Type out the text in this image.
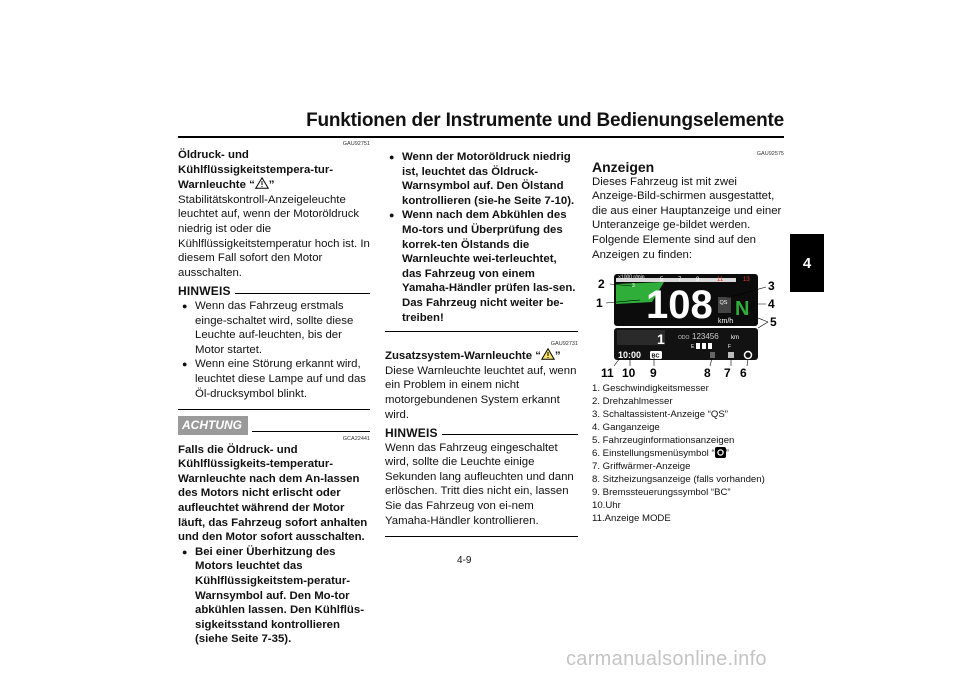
Funktionen der Instrumente und Bedienungselemente
4
GAU92751

Öldruck- und Kühlflüssigkeitstempera-tur-Warnleuchte “ ”

Stabilitätskontroll-Anzeigeleuchte leuchtet auf, wenn der Motoröldruck niedrig ist oder die Kühlflüssigkeitstemperatur hoch ist. In diesem Fall sofort den Motor ausschalten.

HINWEIS
● Wenn das Fahrzeug erstmals einge-schaltet wird, sollte diese Leuchte auf-leuchten, bis der Motor startet.
● Wenn eine Störung erkannt wird, leuchtet diese Lampe auf und das Öl-drucksymbol blinkt.
ACHTUNG
GCA22441

Falls die Öldruck- und Kühlflüssigkeits-temperatur-Warnleuchte nach dem An-lassen des Motors nicht erlischt oder aufleuchtet während der Motor läuft, das Fahrzeug sofort anhalten und den Motor sofort ausschalten.

● Bei einer Überhitzung des Motors leuchtet das Kühlflüssigkeitstem-peratur-Warnsymbol auf. Den Mo-tor abkühlen lassen. Den Kühlflüs-sigkeitsstand kontrollieren (siehe Seite 7-35).
● Wenn der Motoröldruck niedrig ist, leuchtet das Öldruck-Warnsymbol auf. Den Ölstand kontrollieren (sie-he Seite 7-10).
● Wenn nach dem Abkühlen des Mo-tors und Überprüfung des korrek-ten Ölstands die Warnleuchte wei-terleuchtet, das Fahrzeug von einem Yamaha-Händler prüfen las-sen. Das Fahrzeug nicht weiter be-treiben!
GAU92731

Zusatzsystem-Warnleuchte “ ”

Diese Warnleuchte leuchtet auf, wenn ein Problem in einem nicht motorgebundenen System erkannt wird.

HINWEIS

Wenn das Fahrzeug eingeschaltet wird, sollte die Leuchte einige Sekunden lang aufleuchten und dann erlöschen. Tritt dies nicht ein, lassen Sie das Fahrzeug von ei-nem Yamaha-Händler kontrollieren.

GAU92575

Anzeigen

Dieses Fahrzeug ist mit zwei Anzeige-Bild-schirmen ausgestattet, die aus einer Hauptanzeige und einer Unteranzeige ge-bildet werden.

Folgende Elemente sind auf den Anzeigen zu finden:

×1000 r/min
3
5 7 9	11	13
108 km/h
QS N
1	ODO 123456 km
E	F
10:00 BC
1
2	3
4
5
6
7
8
9
10
11
1. Geschwindigkeitsmesser
2. Drehzahlmesser
3. Schaltassistent-Anzeige “QS”
4. Ganganzeige
5. Fahrzeuginformationsanzeigen
6. Einstellungsmenüsymbol “ ”
7. Griffwärmer-Anzeige
8. Sitzheizungsanzeige (falls vorhanden)
9. Bremssteuerungssymbol “BC”
10.Uhr
11.Anzeige MODE
4-9
carmanualsonline.info
